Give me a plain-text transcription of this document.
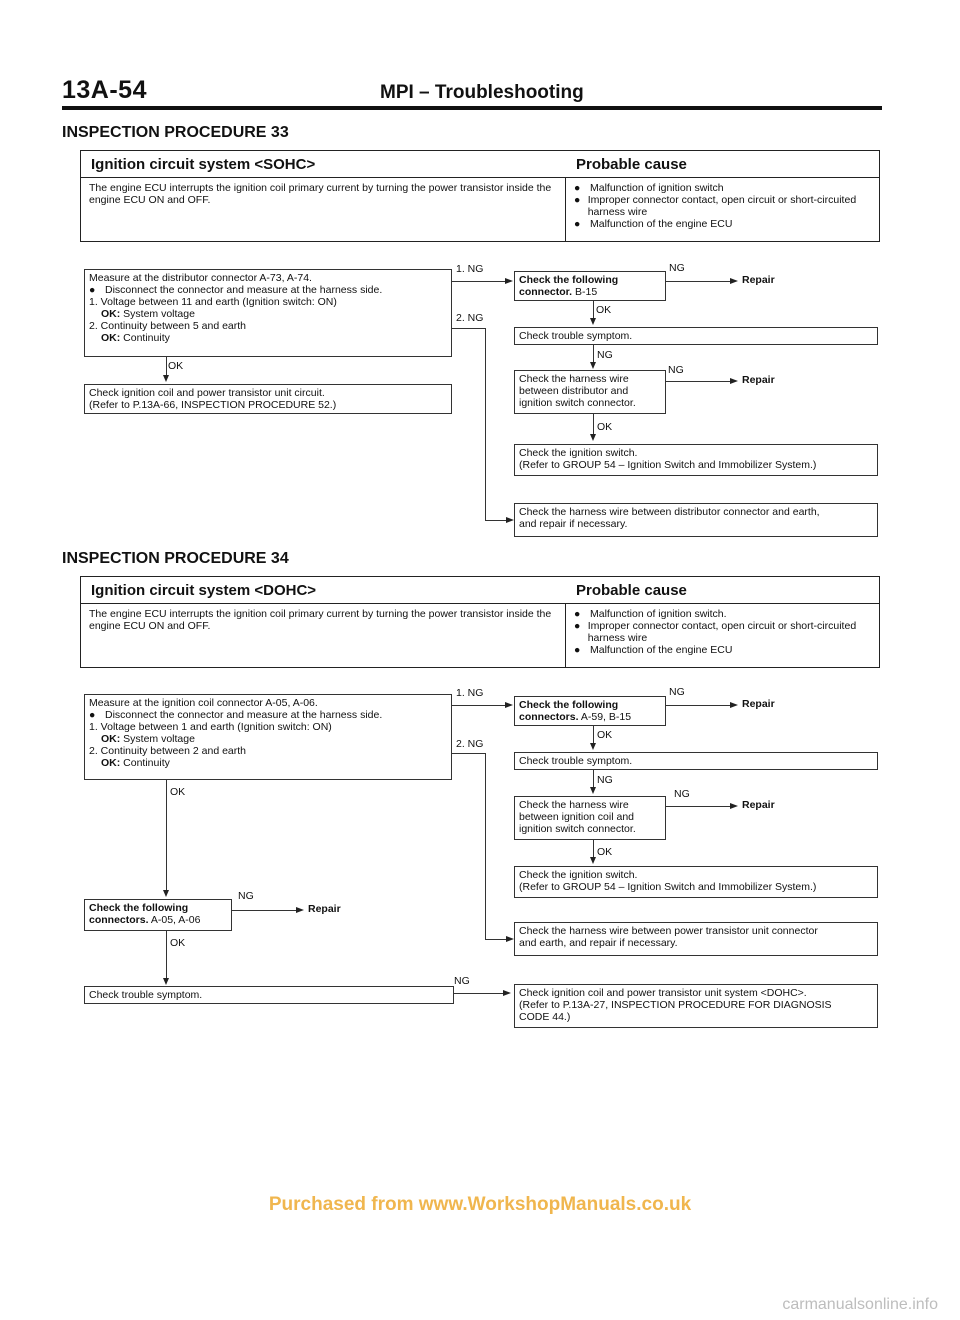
13A-54	MPI – Troubleshooting
INSPECTION PROCEDURE 33
Ignition circuit system <SOHC>	Probable cause
The engine ECU interrupts the ignition coil primary current by turning the power transistor inside the engine ECU ON and OFF.
● Malfunction of ignition switch
● Improper connector contact, open circuit or short-circuited harness wire
● Malfunction of the engine ECU
Measure at the distributor connector A-73, A-74.
● Disconnect the connector and measure at the harness side.
1. Voltage between 11 and earth (Ignition switch: ON)
OK: System voltage
2. Continuity between 5 and earth
OK: Continuity
OK
Check ignition coil and power transistor unit circuit.
(Refer to P.13A-66, INSPECTION PROCEDURE 52.)
1. NG
2. NG
Check the following connector. B-15
NG
Repair
OK
Check trouble symptom.
NG
Check the harness wire
between distributor and
ignition switch connector.
NG
Repair
OK
Check the ignition switch.
(Refer to GROUP 54 – Ignition Switch and Immobilizer System.)
Check the harness wire between distributor connector and earth,
and repair if necessary.
INSPECTION PROCEDURE 34
Ignition circuit system <DOHC>	Probable cause
The engine ECU interrupts the ignition coil primary current by turning the power transistor inside the engine ECU ON and OFF.
● Malfunction of ignition switch.
● Improper connector contact, open circuit or short-circuited harness wire
● Malfunction of the engine ECU
Measure at the ignition coil connector A-05, A-06.
● Disconnect the connector and measure at the harness side.
1. Voltage between 1 and earth (Ignition switch: ON)
OK: System voltage
2. Continuity between 2 and earth
OK: Continuity
OK
Check the following connectors. A-05, A-06
NG
Repair
OK
Check trouble symptom.
NG
1. NG
2. NG
Check the following connectors. A-59, B-15
NG
Repair
OK
Check trouble symptom.
NG
Check the harness wire
between ignition coil and
ignition switch connector.
NG
Repair
OK
Check the ignition switch.
(Refer to GROUP 54 – Ignition Switch and Immobilizer System.)
Check the harness wire between power transistor unit connector
and earth, and repair if necessary.
Check ignition coil and power transistor unit system <DOHC>.
(Refer to P.13A-27, INSPECTION PROCEDURE FOR DIAGNOSIS
CODE 44.)
Purchased from www.WorkshopManuals.co.uk
carmanualsonline.info
